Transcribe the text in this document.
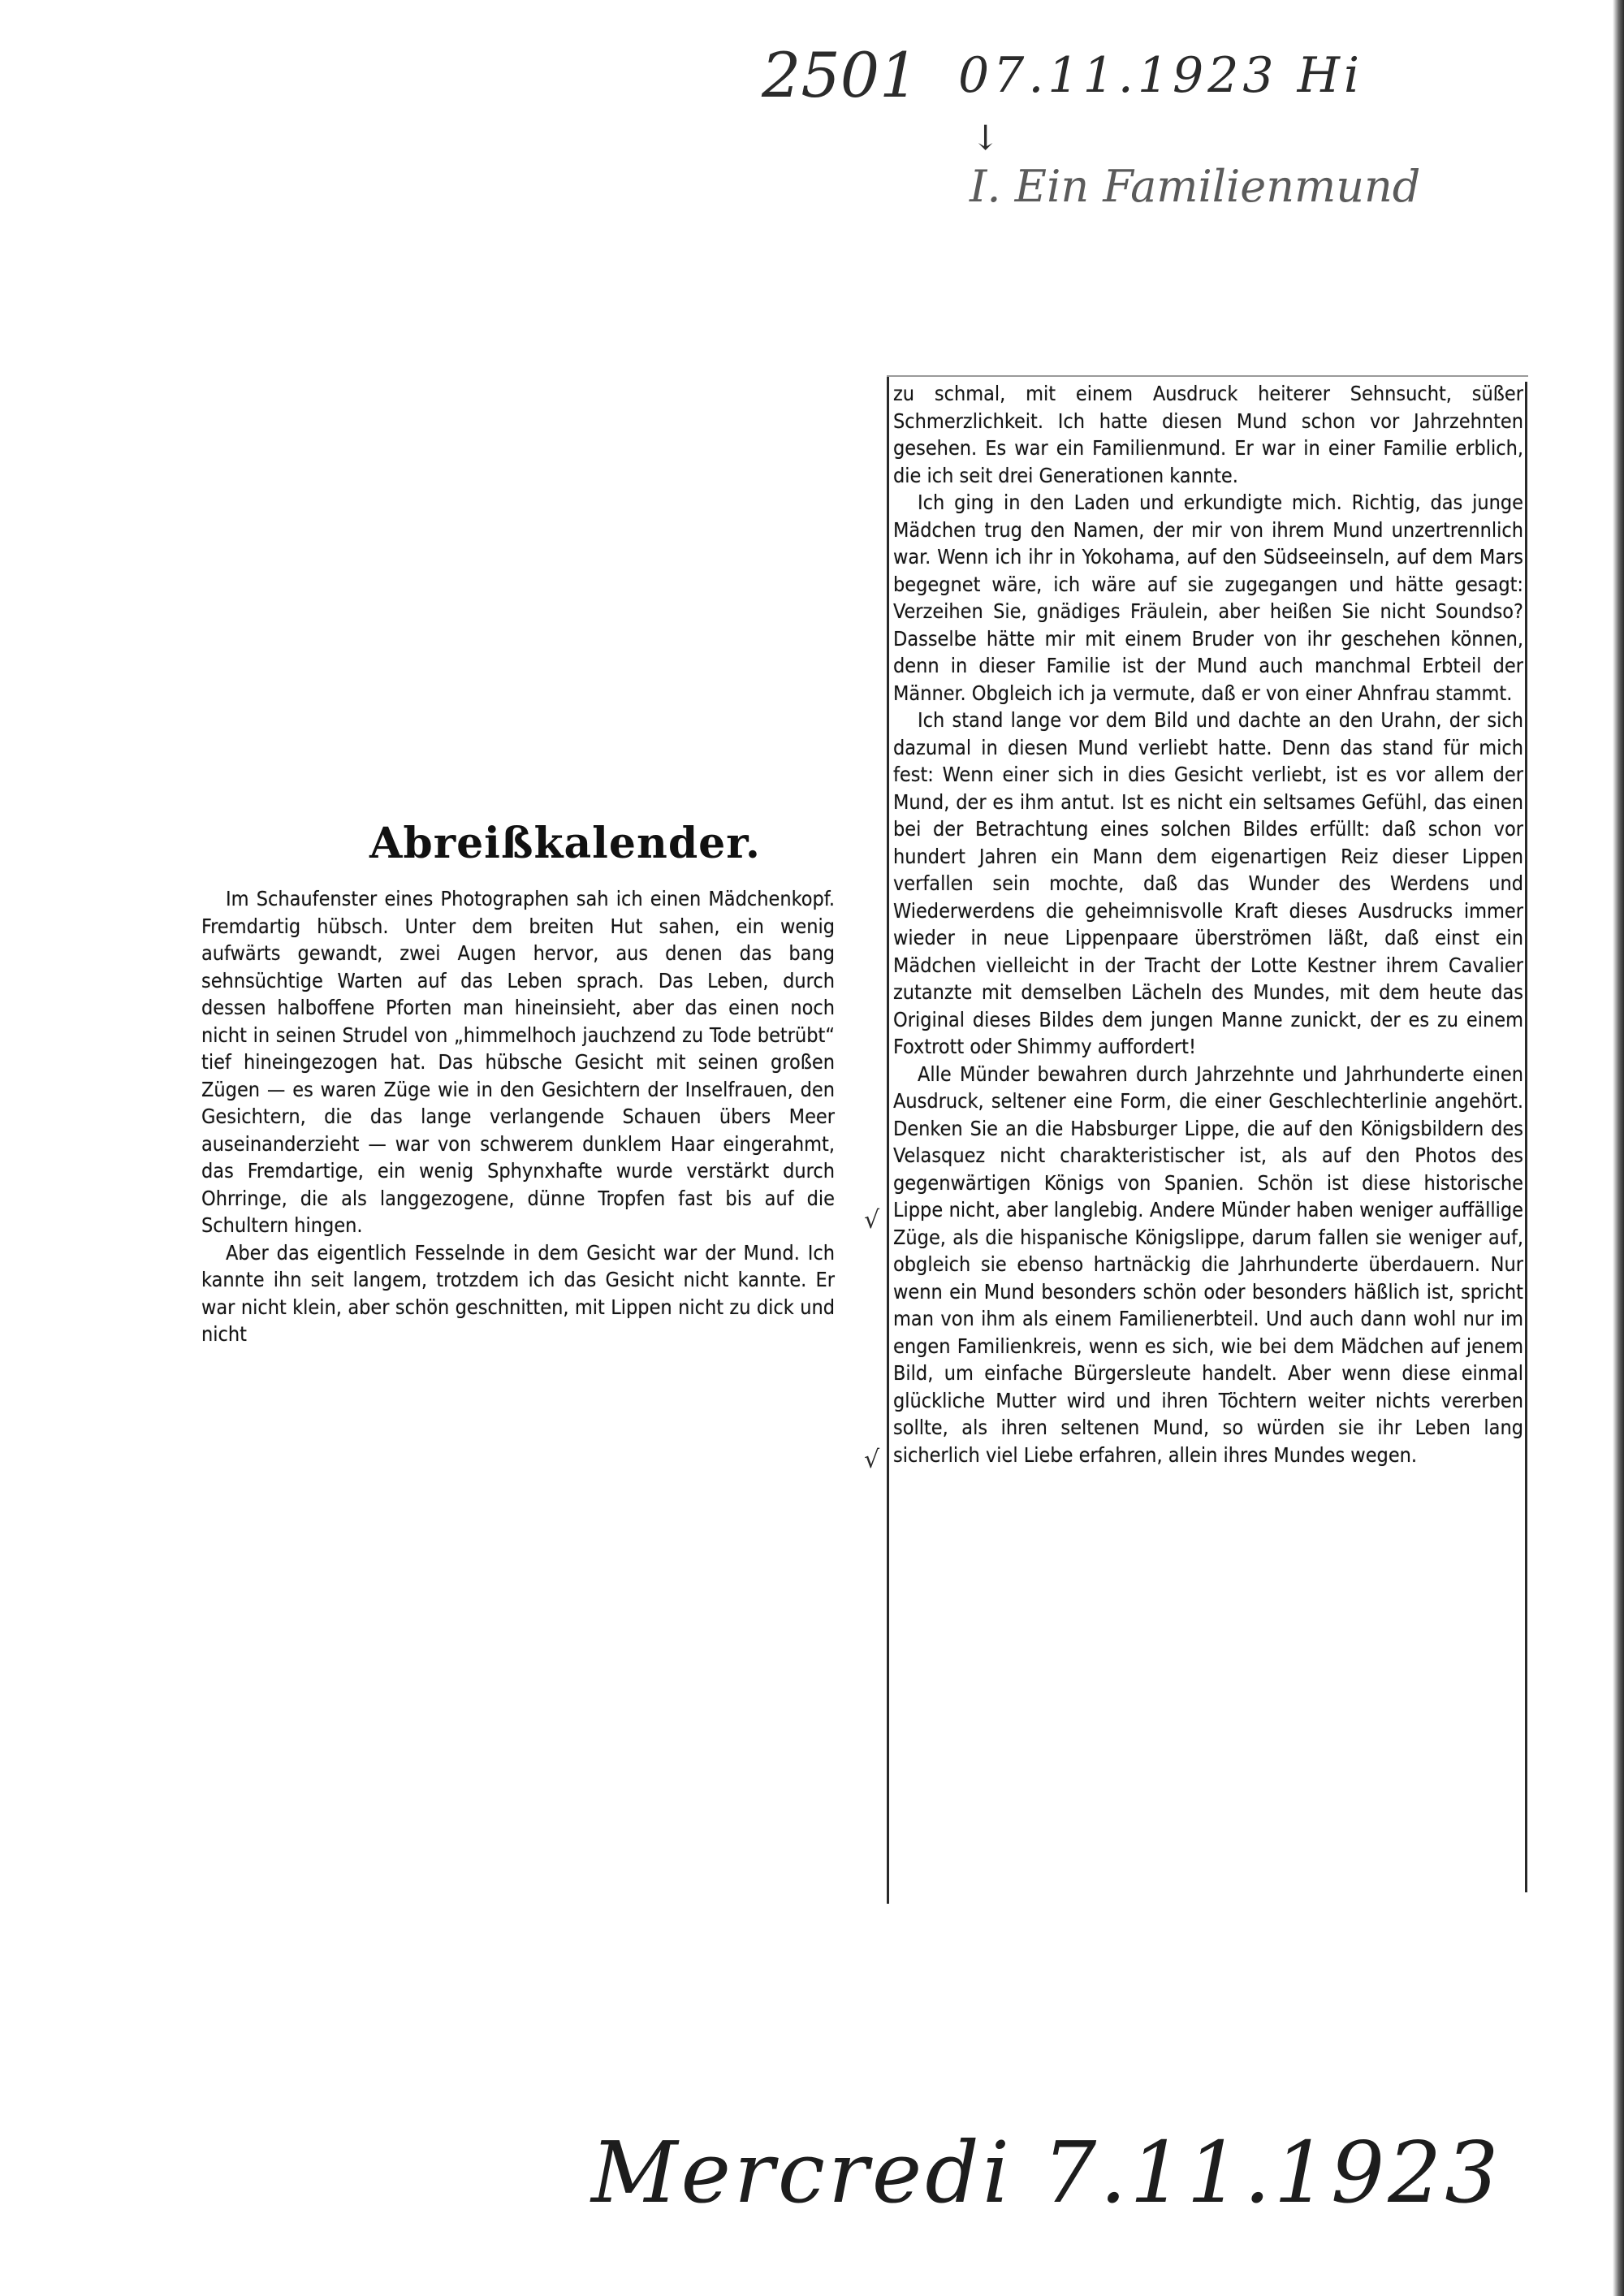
2501 07.11.1923 Hi
↓
I. Ein Familienmund
Abreißkalender.

Im Schaufenster eines Photographen sah ich einen Mädchenkopf. Fremdartig hübsch. Unter dem breiten Hut sahen, ein wenig aufwärts gewandt, zwei Augen hervor, aus denen das bang sehnsüchtige Warten auf das Leben sprach. Das Leben, durch dessen halboffene Pforten man hineinsieht, aber das einen noch nicht in seinen Strudel von „himmelhoch jauchzend zu Tode betrübt“ tief hineingezogen hat. Das hübsche Gesicht mit seinen großen Zügen — es waren Züge wie in den Gesichtern der Inselfrauen, den Gesichtern, die das lange verlangende Schauen übers Meer auseinanderzieht — war von schwerem dunklem Haar eingerahmt, das Fremdartige, ein wenig Sphynxhafte wurde verstärkt durch Ohrringe, die als langgezogene, dünne Tropfen fast bis auf die Schultern hingen.

Aber das eigentlich Fesselnde in dem Gesicht war der Mund. Ich kannte ihn seit langem, trotzdem ich das Gesicht nicht kannte. Er war nicht klein, aber schön geschnitten, mit Lippen nicht zu dick und nicht

zu schmal, mit einem Ausdruck heiterer Sehnsucht, süßer Schmerzlichkeit. Ich hatte diesen Mund schon vor Jahrzehnten gesehen. Es war ein Familienmund. Er war in einer Familie erblich, die ich seit drei Generationen kannte.

Ich ging in den Laden und erkundigte mich. Richtig, das junge Mädchen trug den Namen, der mir von ihrem Mund unzertrennlich war. Wenn ich ihr in Yokohama, auf den Südseeinseln, auf dem Mars begegnet wäre, ich wäre auf sie zugegangen und hätte gesagt: Verzeihen Sie, gnädiges Fräulein, aber heißen Sie nicht Soundso? Dasselbe hätte mir mit einem Bruder von ihr geschehen können, denn in dieser Familie ist der Mund auch manchmal Erbteil der Männer. Obgleich ich ja vermute, daß er von einer Ahnfrau stammt.

Ich stand lange vor dem Bild und dachte an den Urahn, der sich dazumal in diesen Mund verliebt hatte. Denn das stand für mich fest: Wenn einer sich in dies Gesicht verliebt, ist es vor allem der Mund, der es ihm antut. Ist es nicht ein seltsames Gefühl, das einen bei der Betrachtung eines solchen Bildes erfüllt: daß schon vor hundert Jahren ein Mann dem eigenartigen Reiz dieser Lippen verfallen sein mochte, daß das Wunder des Werdens und Wiederwerdens die geheimnisvolle Kraft dieses Ausdrucks immer wieder in neue Lippenpaare überströmen läßt, daß einst ein Mädchen vielleicht in der Tracht der Lotte Kestner ihrem Cavalier zutanzte mit demselben Lächeln des Mundes, mit dem heute das Original dieses Bildes dem jungen Manne zunickt, der es zu einem Foxtrott oder Shimmy auffordert!

Alle Münder bewahren durch Jahrzehnte und Jahrhunderte einen Ausdruck, seltener eine Form, die einer Geschlechterlinie angehört. Denken Sie an die Habsburger Lippe, die auf den Königsbildern des Velasquez nicht charakteristischer ist, als auf den Photos des gegenwärtigen Königs von Spanien. Schön ist diese historische Lippe nicht, aber langlebig. Andere Münder haben weniger auffällige Züge, als die hispanische Königslippe, darum fallen sie weniger auf, obgleich sie ebenso hartnäckig die Jahrhunderte überdauern. Nur wenn ein Mund besonders schön oder besonders häßlich ist, spricht man von ihm als einem Familienerbteil. Und auch dann wohl nur im engen Familienkreis, wenn es sich, wie bei dem Mädchen auf jenem Bild, um einfache Bürgersleute handelt. Aber wenn diese einmal glückliche Mutter wird und ihren Töchtern weiter nichts vererben sollte, als ihren seltenen Mund, so würden sie ihr Leben lang sicherlich viel Liebe erfahren, allein ihres Mundes wegen.

√
√
Mercredi 7.11.1923
